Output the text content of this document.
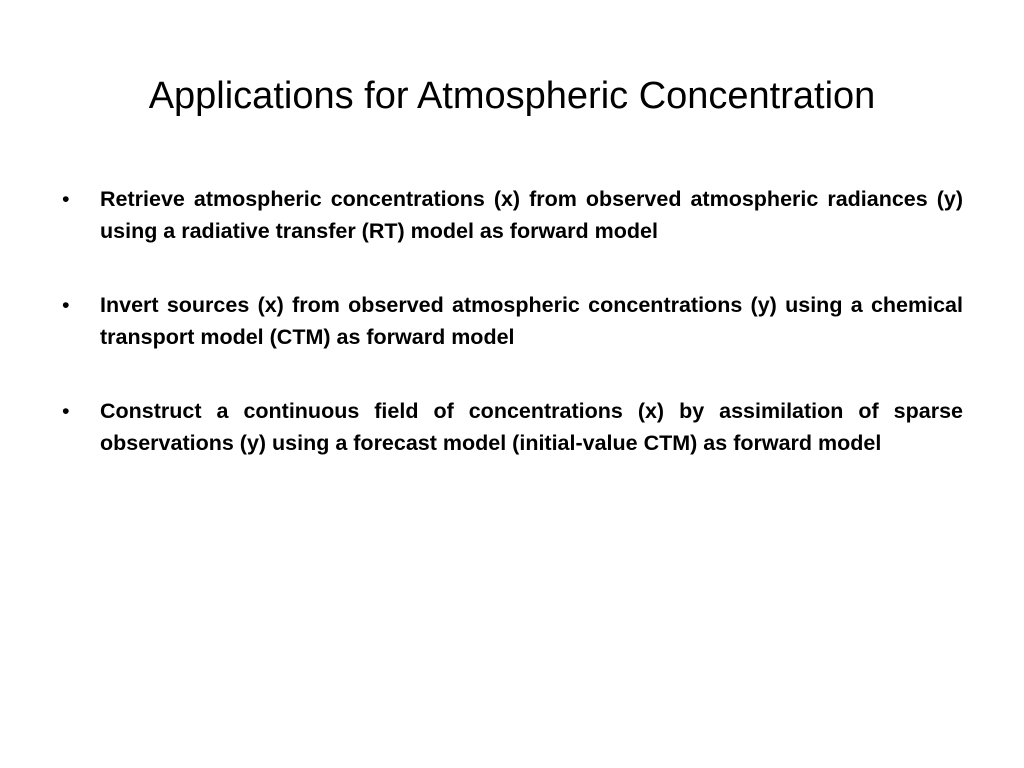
Applications for Atmospheric Concentration
• Retrieve atmospheric concentrations (x) from observed atmospheric radiances (y) using a radiative transfer (RT) model as forward model
• Invert sources (x) from observed atmospheric concentrations (y) using a chemical transport model (CTM) as forward model
• Construct a continuous field of concentrations (x) by assimilation of sparse observations (y) using a forecast model (initial-value CTM) as forward model
